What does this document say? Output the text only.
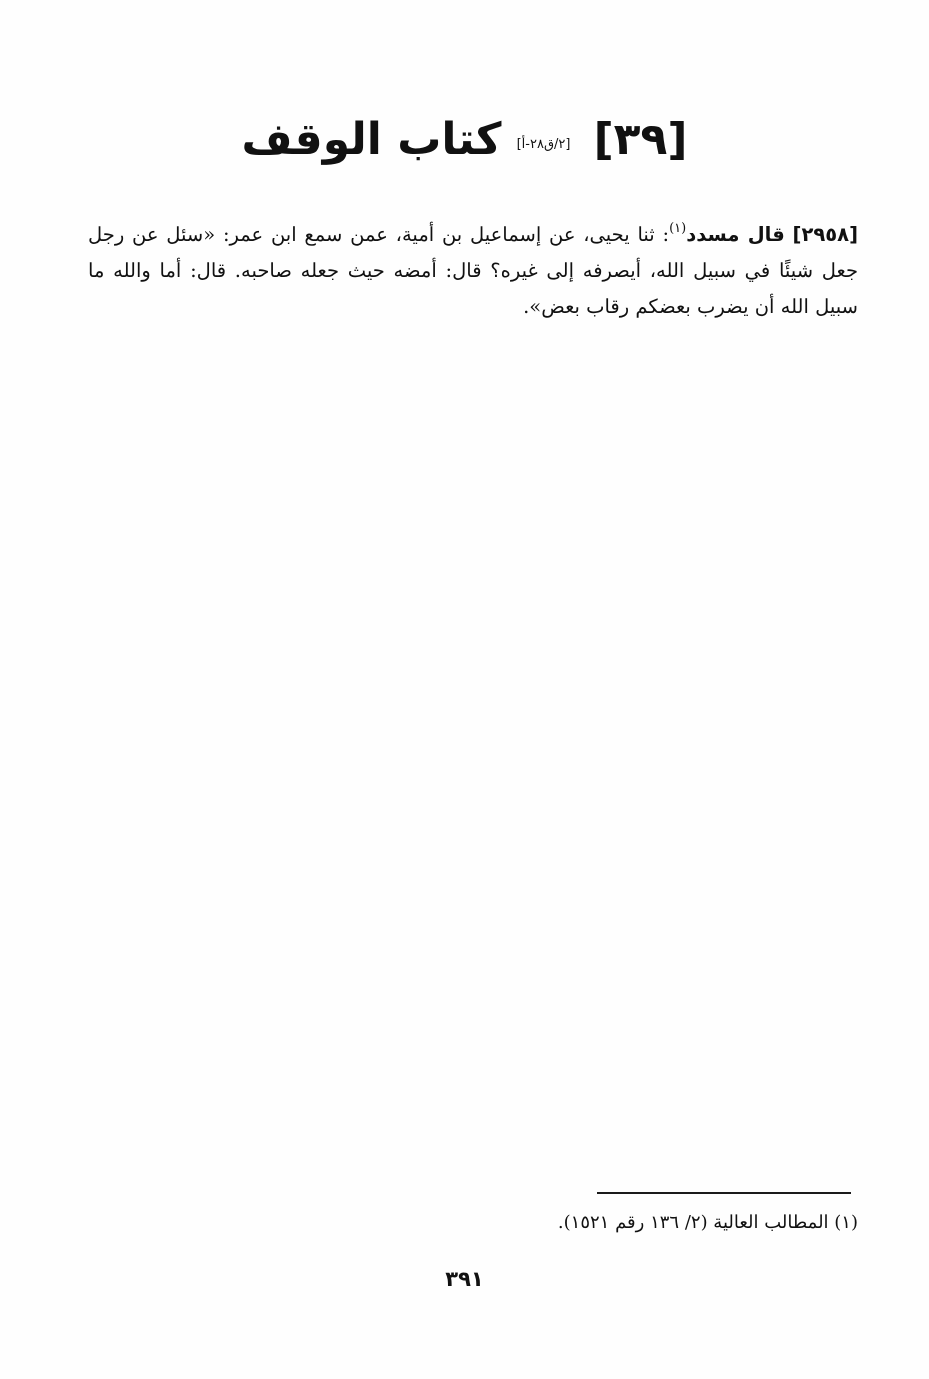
[٣٩] [٢/ق٢٨-أ] كتاب الوقف
[٢٩٥٨] قال مسدد$^{(١)}$: ثنا يحيى، عن إسماعيل بن أمية، عمن سمع ابن عمر: «سئل عن رجل جعل شيئًا في سبيل الله، أيصرفه إلى غيره؟ قال: أمضه حيث جعله صاحبه. قال: أما والله ما سبيل الله أن يضرب بعضكم رقاب بعض».
(١) المطالب العالية (٢/ ١٣٦ رقم ١٥٢١).
٣٩١
